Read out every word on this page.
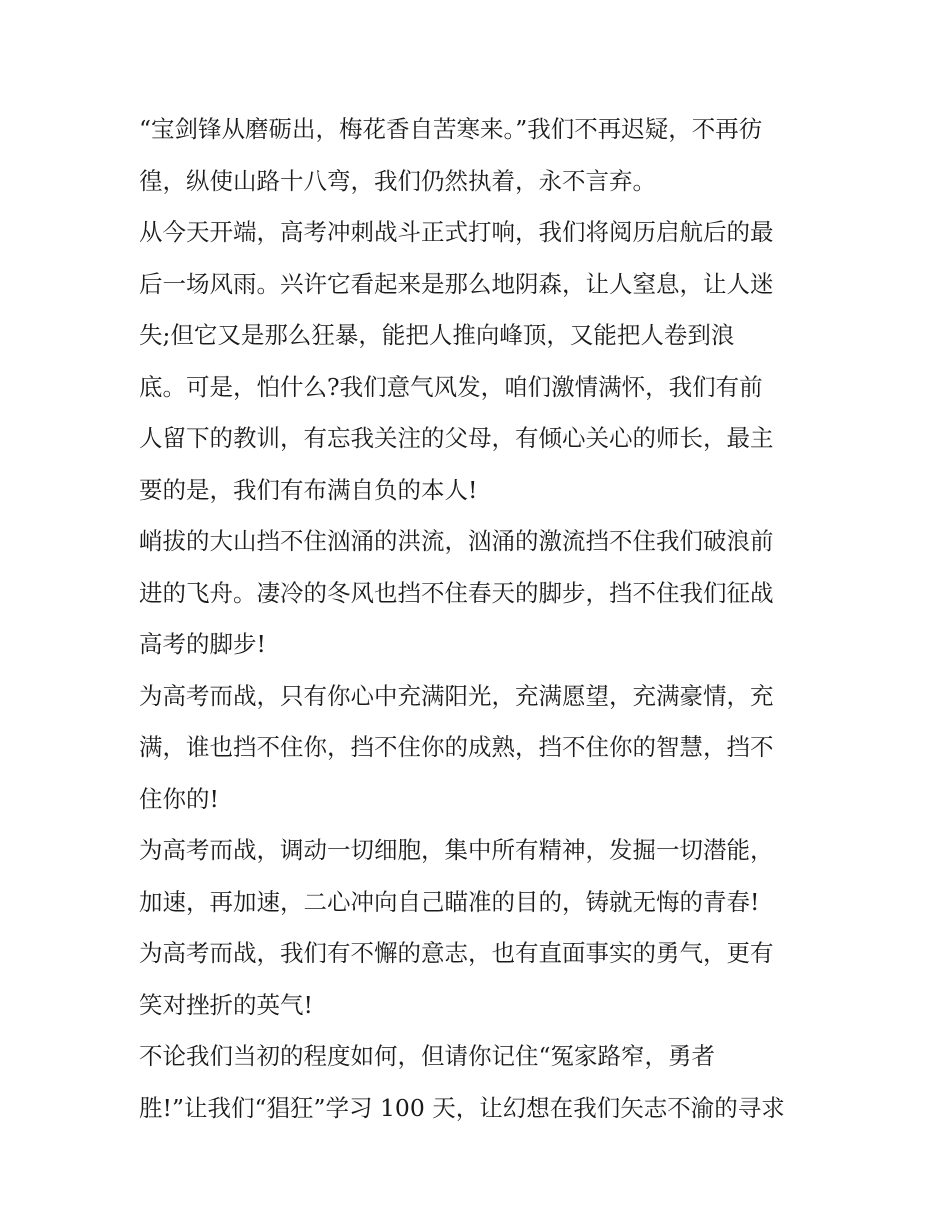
“宝剑锋从磨砺出，梅花香自苦寒来。”我们不再迟疑，不再彷
徨，纵使山路十八弯，我们仍然执着，永不言弃。
从今天开端，高考冲刺战斗正式打响，我们将阅历启航后的最
后一场风雨。兴许它看起来是那么地阴森，让人窒息，让人迷
失;但它又是那么狂暴，能把人推向峰顶，又能把人卷到浪
底。可是，怕什么?我们意气风发，咱们激情满怀，我们有前
人留下的教训，有忘我关注的父母，有倾心关心的师长，最主
要的是，我们有布满自负的本人!
峭拔的大山挡不住汹涌的洪流，汹涌的激流挡不住我们破浪前
进的飞舟。凄冷的冬风也挡不住春天的脚步，挡不住我们征战
高考的脚步!
为高考而战，只有你心中充满阳光，充满愿望，充满豪情，充
满，谁也挡不住你，挡不住你的成熟，挡不住你的智慧，挡不
住你的!
为高考而战，调动一切细胞，集中所有精神，发掘一切潜能，
加速，再加速，二心冲向自己瞄准的目的，铸就无悔的青春!
为高考而战，我们有不懈的意志，也有直面事实的勇气，更有
笑对挫折的英气!
不论我们当初的程度如何，但请你记住“冤家路窄，勇者
胜!”让我们“猖狂”学习 100 天，让幻想在我们矢志不渝的寻求
